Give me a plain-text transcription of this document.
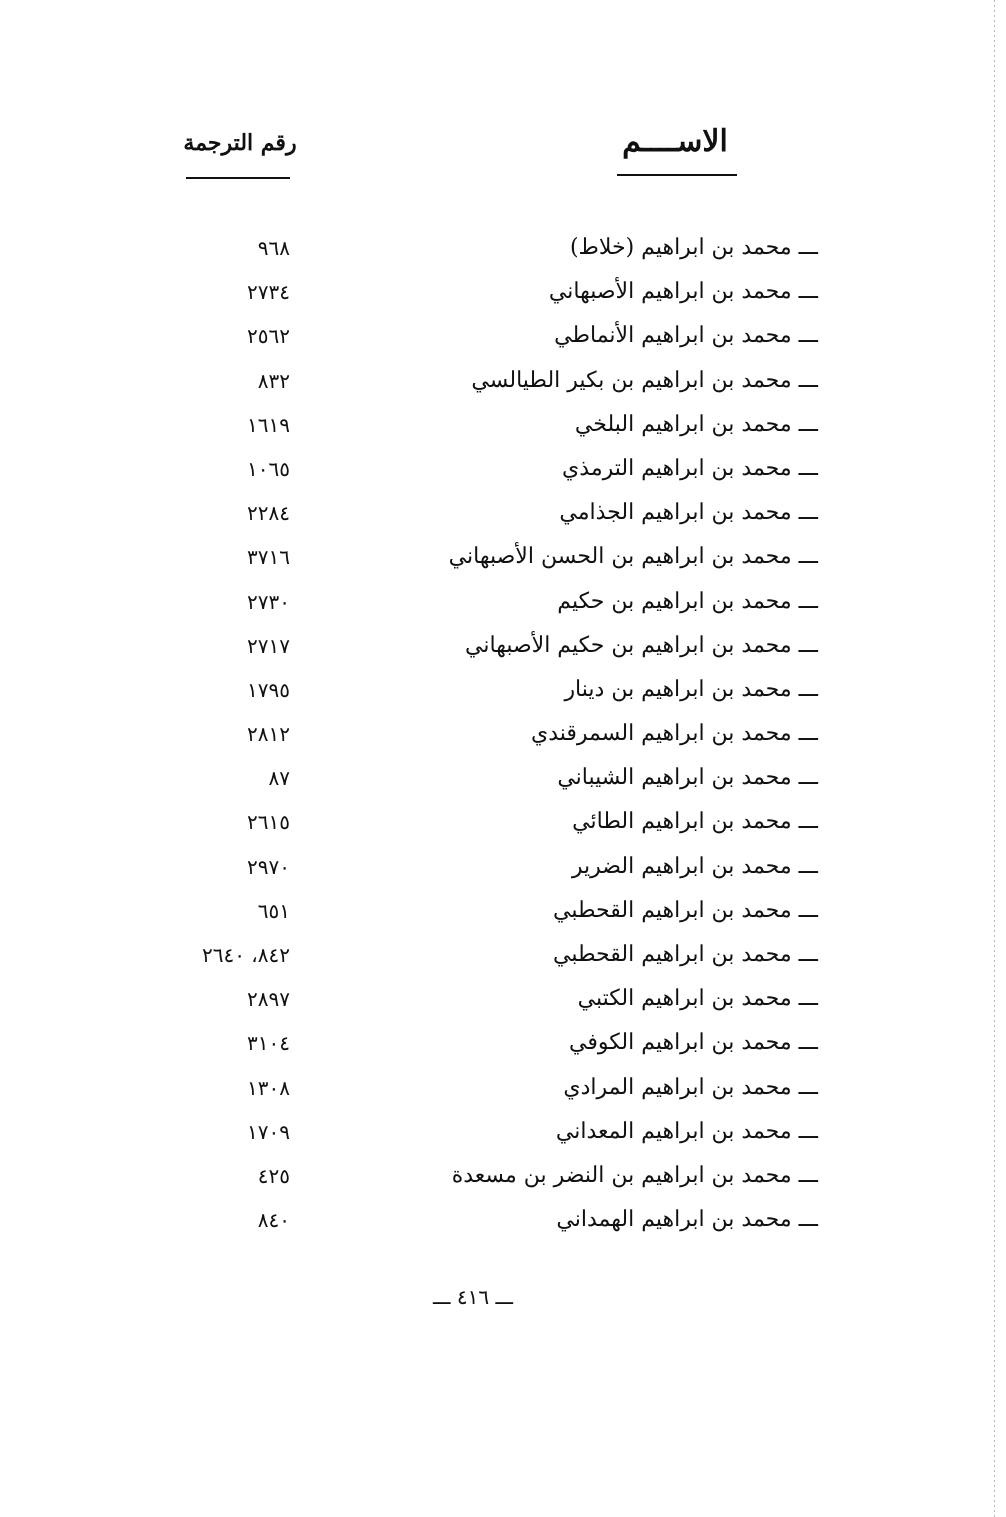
الاســــم
رقم الترجمة
ـــ محمد بن ابراهيم (خلاط)
٩٦٨
ـــ محمد بن ابراهيم الأصبهاني
٢٧٣٤
ـــ محمد بن ابراهيم الأنماطي
٢٥٦٢
ـــ محمد بن ابراهيم بن بكير الطيالسي
٨٣٢
ـــ محمد بن ابراهيم البلخي
١٦١٩
ـــ محمد بن ابراهيم الترمذي
١٠٦٥
ـــ محمد بن ابراهيم الجذامي
٢٢٨٤
ـــ محمد بن ابراهيم بن الحسن الأصبهاني
٣٧١٦
ـــ محمد بن ابراهيم بن حكيم
٢٧٣٠
ـــ محمد بن ابراهيم بن حكيم الأصبهاني
٢٧١٧
ـــ محمد بن ابراهيم بن دينار
١٧٩٥
ـــ محمد بن ابراهيم السمرقندي
٢٨١٢
ـــ محمد بن ابراهيم الشيباني
٨٧
ـــ محمد بن ابراهيم الطائي
٢٦١٥
ـــ محمد بن ابراهيم الضرير
٢٩٧٠
ـــ محمد بن ابراهيم القحطبي
٦٥١
ـــ محمد بن ابراهيم القحطبي
٨٤٢، ٢٦٤٠
ـــ محمد بن ابراهيم الكتبي
٢٨٩٧
ـــ محمد بن ابراهيم الكوفي
٣١٠٤
ـــ محمد بن ابراهيم المرادي
١٣٠٨
ـــ محمد بن ابراهيم المعداني
١٧٠٩
ـــ محمد بن ابراهيم بن النضر بن مسعدة
٤٢٥
ـــ محمد بن ابراهيم الهمداني
٨٤٠
ـــ ٤١٦ ـــ
